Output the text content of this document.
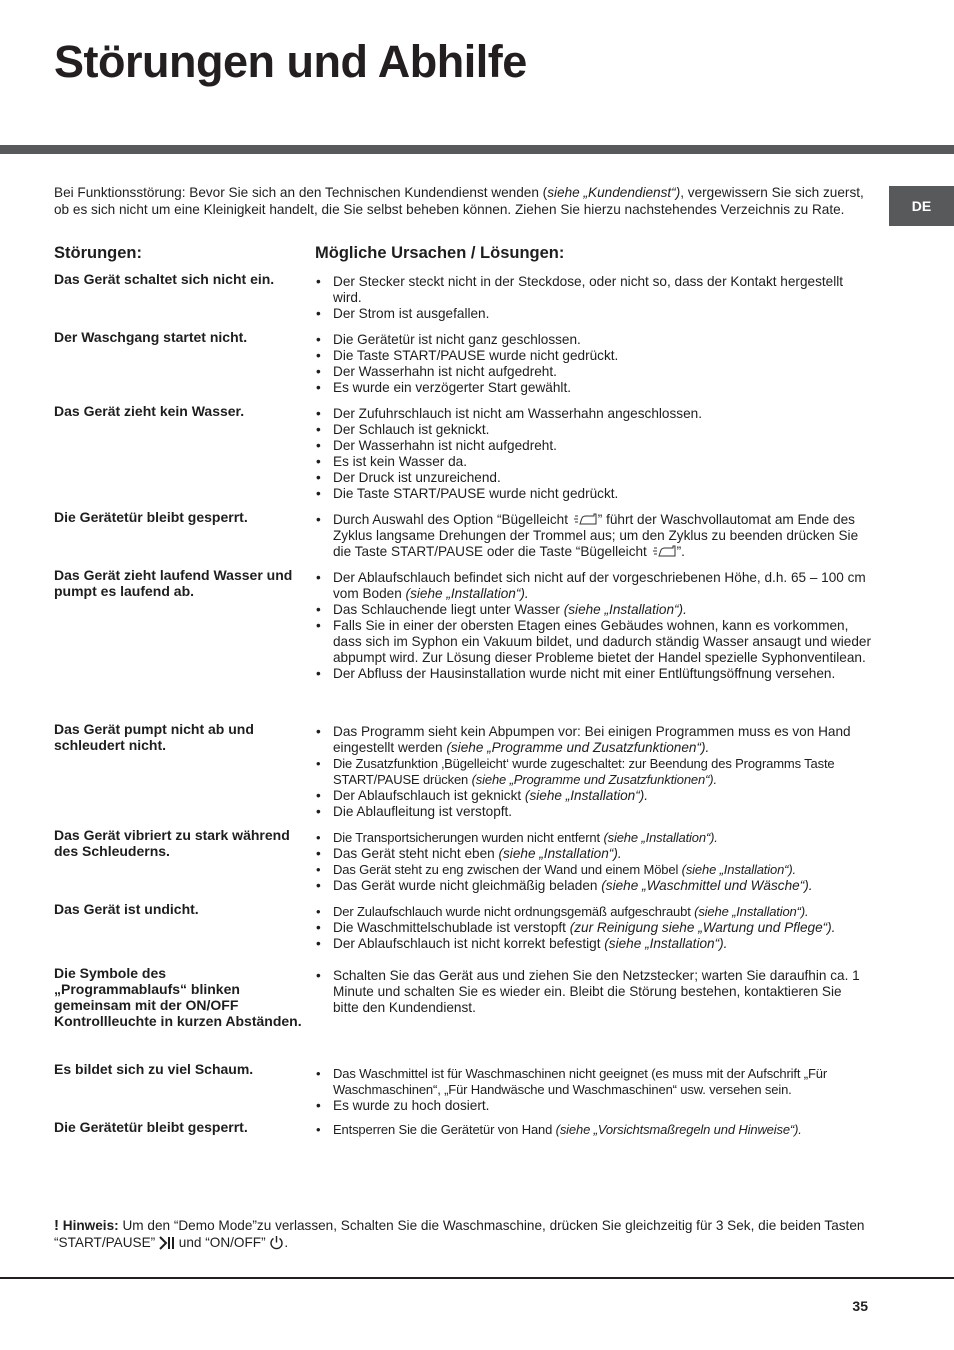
Störungen und Abhilfe
DE

Bei Funktionsstörung: Bevor Sie sich an den Technischen Kundendienst wenden (siehe „Kundendienst“), vergewissern Sie sich zuerst, ob es sich nicht um eine Kleinigkeit handelt, die Sie selbst beheben können. Ziehen Sie hierzu nachstehendes Verzeichnis zu Rate.

Störungen:	Mögliche Ursachen / Lösungen:
Das Gerät schaltet sich nicht ein.	• Der Stecker steckt nicht in der Steckdose, oder nicht so, dass der Kontakt hergestellt wird.
• Der Strom ist ausgefallen.
Der Waschgang startet nicht.	• Die Gerätetür ist nicht ganz geschlossen.
• Die Taste START/PAUSE wurde nicht gedrückt.
• Der Wasserhahn ist nicht aufgedreht.
• Es wurde ein verzögerter Start gewählt.
Das Gerät zieht kein Wasser.	• Der Zufuhrschlauch ist nicht am Wasserhahn angeschlossen.
• Der Schlauch ist geknickt.
• Der Wasserhahn ist nicht aufgedreht.
• Es ist kein Wasser da.
• Der Druck ist unzureichend.
• Die Taste START/PAUSE wurde nicht gedrückt.
Die Gerätetür bleibt gesperrt.	• Durch Auswahl des Option “Bügelleicht ” führt der Waschvollautomat am Ende des Zyklus langsame Drehungen der Trommel aus; um den Zyklus zu beenden drücken Sie die Taste START/PAUSE oder die Taste “Bügelleicht ”.
Das Gerät zieht laufend Wasser und pumpt es laufend ab.
• Der Ablaufschlauch befindet sich nicht auf der vorgeschriebenen Höhe, d.h. 65 – 100 cm vom Boden (siehe „Installation“).
• Das Schlauchende liegt unter Wasser (siehe „Installation“).
• Falls Sie in einer der obersten Etagen eines Gebäudes wohnen, kann es vorkommen, dass sich im Syphon ein Vakuum bildet, und dadurch ständig Wasser ansaugt und wieder abpumpt wird. Zur Lösung dieser Probleme bietet der Handel spezielle Syphonventilean.
• Der Abfluss der Hausinstallation wurde nicht mit einer Entlüftungsöffnung versehen.
Das Gerät pumpt nicht ab und schleudert nicht.
• Das Programm sieht kein Abpumpen vor: Bei einigen Programmen muss es von Hand eingestellt werden (siehe „Programme und Zusatzfunktionen“).
• Die Zusatzfunktion ‚Bügelleicht‘ wurde zugeschaltet: zur Beendung des Programms Taste START/PAUSE drücken (siehe „Programme und Zusatzfunktionen“).
• Der Ablaufschlauch ist geknickt (siehe „Installation“).
• Die Ablaufleitung ist verstopft.
Das Gerät vibriert zu stark während des Schleuderns.
• Die Transportsicherungen wurden nicht entfernt (siehe „Installation“).
• Das Gerät steht nicht eben (siehe „Installation“).
• Das Gerät steht zu eng zwischen der Wand und einem Möbel (siehe „Installation“).
• Das Gerät wurde nicht gleichmäßig beladen (siehe „Waschmittel und Wäsche“).
Das Gerät ist undicht.	• Der Zulaufschlauch wurde nicht ordnungsgemäß aufgeschraubt (siehe „Installation“).
• Die Waschmittelschublade ist verstopft (zur Reinigung siehe „Wartung und Pflege“).
• Der Ablaufschlauch ist nicht korrekt befestigt (siehe „Installation“).
Die Symbole des „Programmablaufs“ blinken gemeinsam mit der ON/OFF Kontrollleuchte in kurzen Abständen.
• Schalten Sie das Gerät aus und ziehen Sie den Netzstecker; warten Sie daraufhin ca. 1 Minute und schalten Sie es wieder ein. Bleibt die Störung bestehen, kontaktieren Sie bitte den Kundendienst.
Es bildet sich zu viel Schaum.	• Das Waschmittel ist für Waschmaschinen nicht geeignet (es muss mit der Aufschrift „Für Waschmaschinen“, „Für Handwäsche und Waschmaschinen“ usw. versehen sein.
• Es wurde zu hoch dosiert.
Die Gerätetür bleibt gesperrt.	• Entsperren Sie die Gerätetür von Hand (siehe „Vorsichtsmaßregeln und Hinweise“).

! Hinweis: Um den “Demo Mode”zu verlassen, Schalten Sie die Waschmaschine, drücken Sie gleichzeitig für 3 Sek, die beiden Tasten “START/PAUSE”  und “ON/OFF” .

35
